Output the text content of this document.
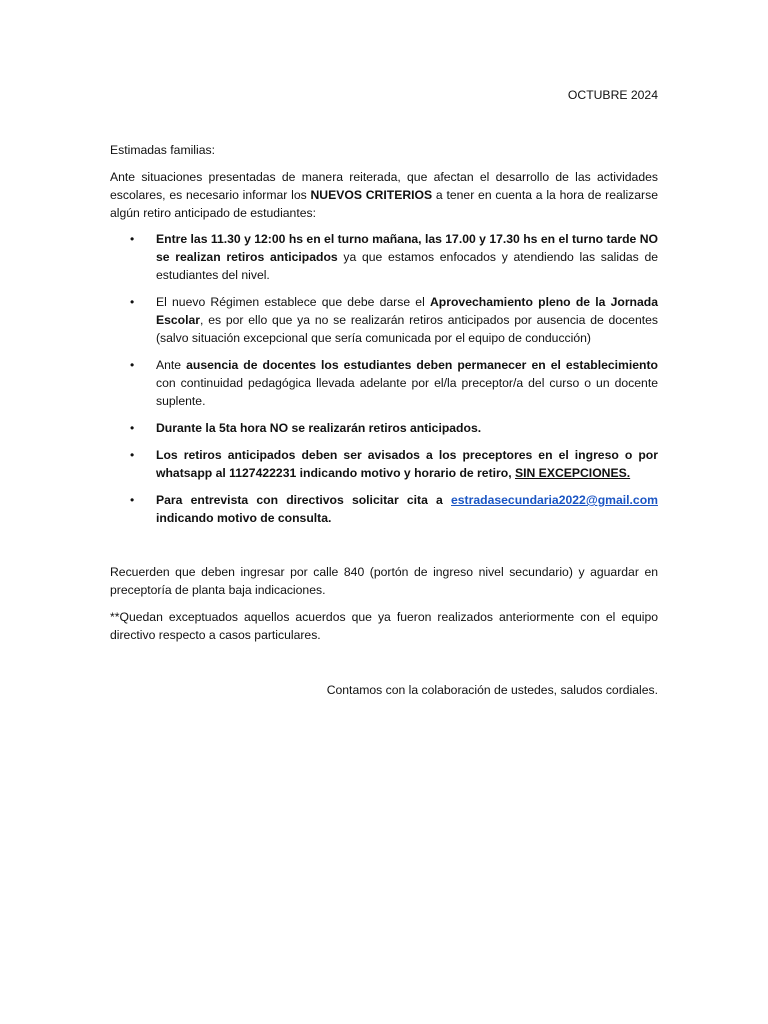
OCTUBRE 2024
Estimadas familias:

Ante situaciones presentadas de manera reiterada, que afectan el desarrollo de las actividades escolares, es necesario informar los NUEVOS CRITERIOS a tener en cuenta a la hora de realizarse algún retiro anticipado de estudiantes:

• Entre las 11.30 y 12:00 hs en el turno mañana, las 17.00 y 17.30 hs en el turno tarde NO se realizan retiros anticipados ya que estamos enfocados y atendiendo las salidas de estudiantes del nivel.
• El nuevo Régimen establece que debe darse el Aprovechamiento pleno de la Jornada Escolar, es por ello que ya no se realizarán retiros anticipados por ausencia de docentes (salvo situación excepcional que sería comunicada por el equipo de conducción)
• Ante ausencia de docentes los estudiantes deben permanecer en el establecimiento con continuidad pedagógica llevada adelante por el/la preceptor/a del curso o un docente suplente.
• Durante la 5ta hora NO se realizarán retiros anticipados.
• Los retiros anticipados deben ser avisados a los preceptores en el ingreso o por whatsapp al 1127422231 indicando motivo y horario de retiro, SIN EXCEPCIONES.
• Para entrevista con directivos solicitar cita a estradasecundaria2022@gmail.com indicando motivo de consulta.

Recuerden que deben ingresar por calle 840 (portón de ingreso nivel secundario) y aguardar en preceptoría de planta baja indicaciones.

**Quedan exceptuados aquellos acuerdos que ya fueron realizados anteriormente con el equipo directivo respecto a casos particulares.

Contamos con la colaboración de ustedes, saludos cordiales.
